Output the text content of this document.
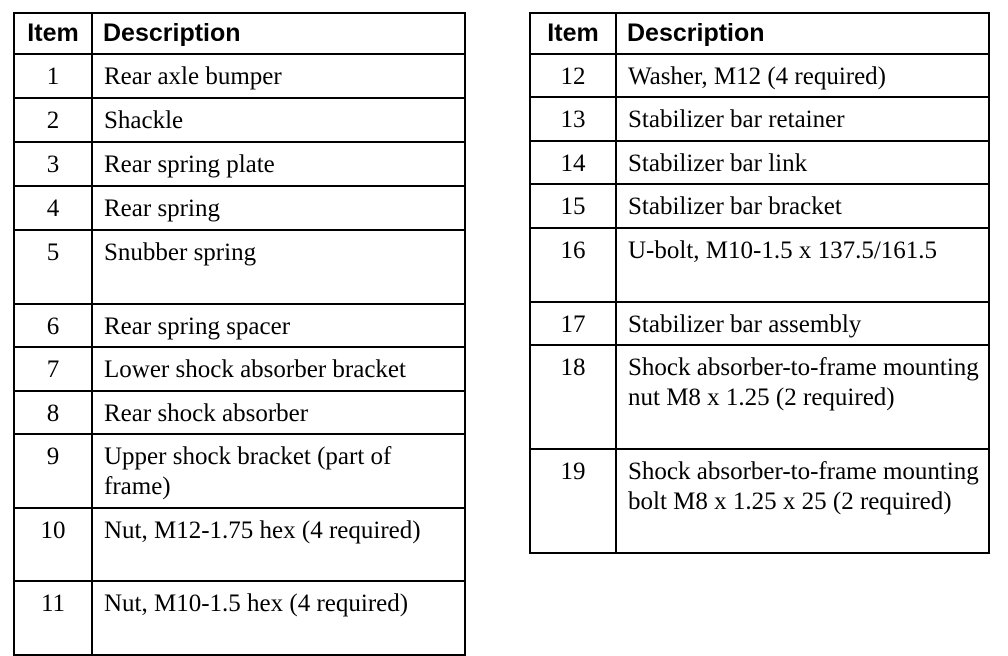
Item	Description
1	Rear axle bumper
2	Shackle
3	Rear spring plate
4	Rear spring
5	Snubber spring
6	Rear spring spacer
7	Lower shock absorber bracket
8	Rear shock absorber
9	Upper shock bracket (part of frame)
10	Nut, M12-1.75 hex (4 required)
11	Nut, M10-1.5 hex (4 required)
Item	Description
12	Washer, M12 (4 required)
13	Stabilizer bar retainer
14	Stabilizer bar link
15	Stabilizer bar bracket
16	U-bolt, M10-1.5 x 137.5/161.5
17	Stabilizer bar assembly
18	Shock absorber-to-frame mounting nut M8 x 1.25 (2 required)
19	Shock absorber-to-frame mounting bolt M8 x 1.25 x 25 (2 required)
